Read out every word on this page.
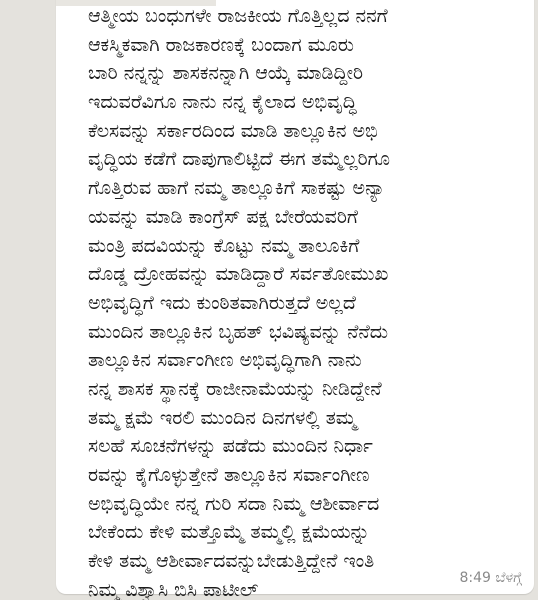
ಆತ್ಮೀಯ ಬಂಧುಗಳೇ ರಾಜಕೀಯ ಗೊತ್ತಿಲ್ಲದ ನನಗೆ
ಆಕಸ್ಮಿಕವಾಗಿ ರಾಜಕಾರಣಕ್ಕೆ ಬಂದಾಗ ಮೂರು
ಬಾರಿ ನನ್ನನ್ನು ಶಾಸಕನನ್ನಾಗಿ ಆಯ್ಕೆ ಮಾಡಿದ್ದೀರಿ
ಇದುವರೆವಿಗೂ ನಾನು ನನ್ನ ಕೈಲಾದ ಅಭಿವೃದ್ಧಿ
ಕೆಲಸವನ್ನು ಸರ್ಕಾರದಿಂದ ಮಾಡಿ ತಾಲ್ಲೂಕಿನ ಅಭಿ
ವೃದ್ಧಿಯ ಕಡೆಗೆ ದಾಪುಗಾಲಿಟ್ಟಿದೆ ಈಗ ತಮ್ಮೆಲ್ಲರಿಗೂ
ಗೊತ್ತಿರುವ ಹಾಗೆ ನಮ್ಮ ತಾಲ್ಲೂಕಿಗೆ ಸಾಕಷ್ಟು ಅನ್ಯಾ
ಯವನ್ನು ಮಾಡಿ ಕಾಂಗ್ರೆಸ್ ಪಕ್ಷ ಬೇರೆಯವರಿಗೆ
ಮಂತ್ರಿ ಪದವಿಯನ್ನು ಕೊಟ್ಟು ನಮ್ಮ ತಾಲೂಕಿಗೆ
ದೊಡ್ಡ ದ್ರೋಹವನ್ನು ಮಾಡಿದ್ದಾರೆ ಸರ್ವತೋಮುಖ
ಅಭಿವೃದ್ಧಿಗೆ ಇದು ಕುಂಠಿತವಾಗಿರುತ್ತದೆ ಅಲ್ಲದೆ
ಮುಂದಿನ ತಾಲ್ಲೂಕಿನ ಬೃಹತ್ ಭವಿಷ್ಯವನ್ನು ನೆನೆದು
ತಾಲ್ಲೂಕಿನ ಸರ್ವಾಂಗೀಣ ಅಭಿವೃದ್ಧಿಗಾಗಿ ನಾನು
ನನ್ನ ಶಾಸಕ ಸ್ಥಾನಕ್ಕೆ ರಾಜೀನಾಮೆಯನ್ನು ನೀಡಿದ್ದೇನೆ
ತಮ್ಮ ಕ್ಷಮೆ ಇರಲಿ ಮುಂದಿನ ದಿನಗಳಲ್ಲಿ ತಮ್ಮ
ಸಲಹೆ ಸೂಚನೆಗಳನ್ನು ಪಡೆದು ಮುಂದಿನ ನಿರ್ಧಾ
ರವನ್ನು ಕೈಗೊಳ್ಳುತ್ತೇನೆ ತಾಲ್ಲೂಕಿನ ಸರ್ವಾಂಗೀಣ
ಅಭಿವೃದ್ಧಿಯೇ ನನ್ನ ಗುರಿ ಸದಾ ನಿಮ್ಮ ಆಶೀರ್ವಾದ
ಬೇಕೆಂದು ಕೇಳಿ ಮತ್ತೊಮ್ಮೆ ತಮ್ಮಲ್ಲಿ ಕ್ಷಮೆಯನ್ನು
ಕೇಳಿ ತಮ್ಮ ಆಶೀರ್ವಾದವನ್ನುಬೇಡುತ್ತಿದ್ದೇನೆ ಇಂತಿ
ನಿಮ್ಮ ವಿಶ್ವಾಸಿ ಬಿಸಿ ಪಾಟೀಲ್
8:49 ಬೆಳಗ್ಗೆ
